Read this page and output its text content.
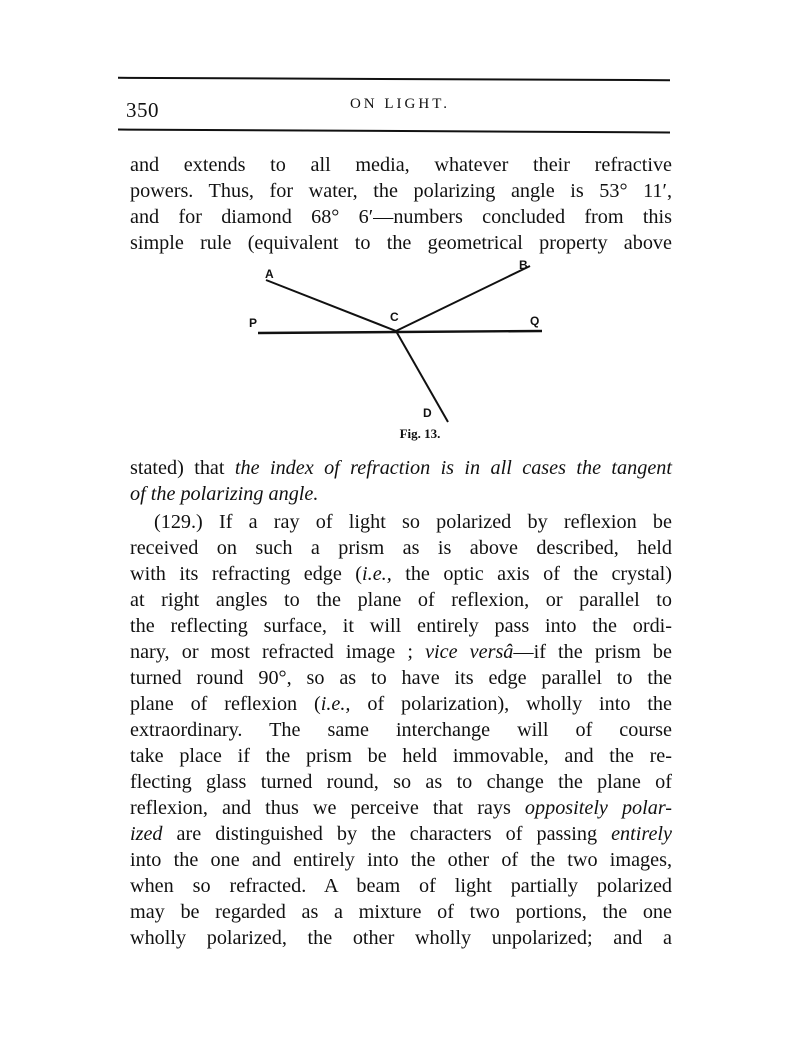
350	ON LIGHT.
and extends to all media, whatever their refractive
powers. Thus, for water, the polarizing angle is 53° 11′,
and for diamond 68° 6′—numbers concluded from this
simple rule (equivalent to the geometrical property above
A
B
C
P	Q
D
Fig. 13.
stated) that the index of refraction is in all cases the tangent
of the polarizing angle.
(129.) If a ray of light so polarized by reflexion be
received on such a prism as is above described, held
with its refracting edge (i.e., the optic axis of the crystal)
at right angles to the plane of reflexion, or parallel to
the reflecting surface, it will entirely pass into the ordi-
nary, or most refracted image ; vice versâ—if the prism be
turned round 90°, so as to have its edge parallel to the
plane of reflexion (i.e., of polarization), wholly into the
extraordinary. The same interchange will of course
take place if the prism be held immovable, and the re-
flecting glass turned round, so as to change the plane of
reflexion, and thus we perceive that rays oppositely polar-
ized are distinguished by the characters of passing entirely
into the one and entirely into the other of the two images,
when so refracted. A beam of light partially polarized
may be regarded as a mixture of two portions, the one
wholly polarized, the other wholly unpolarized; and a
